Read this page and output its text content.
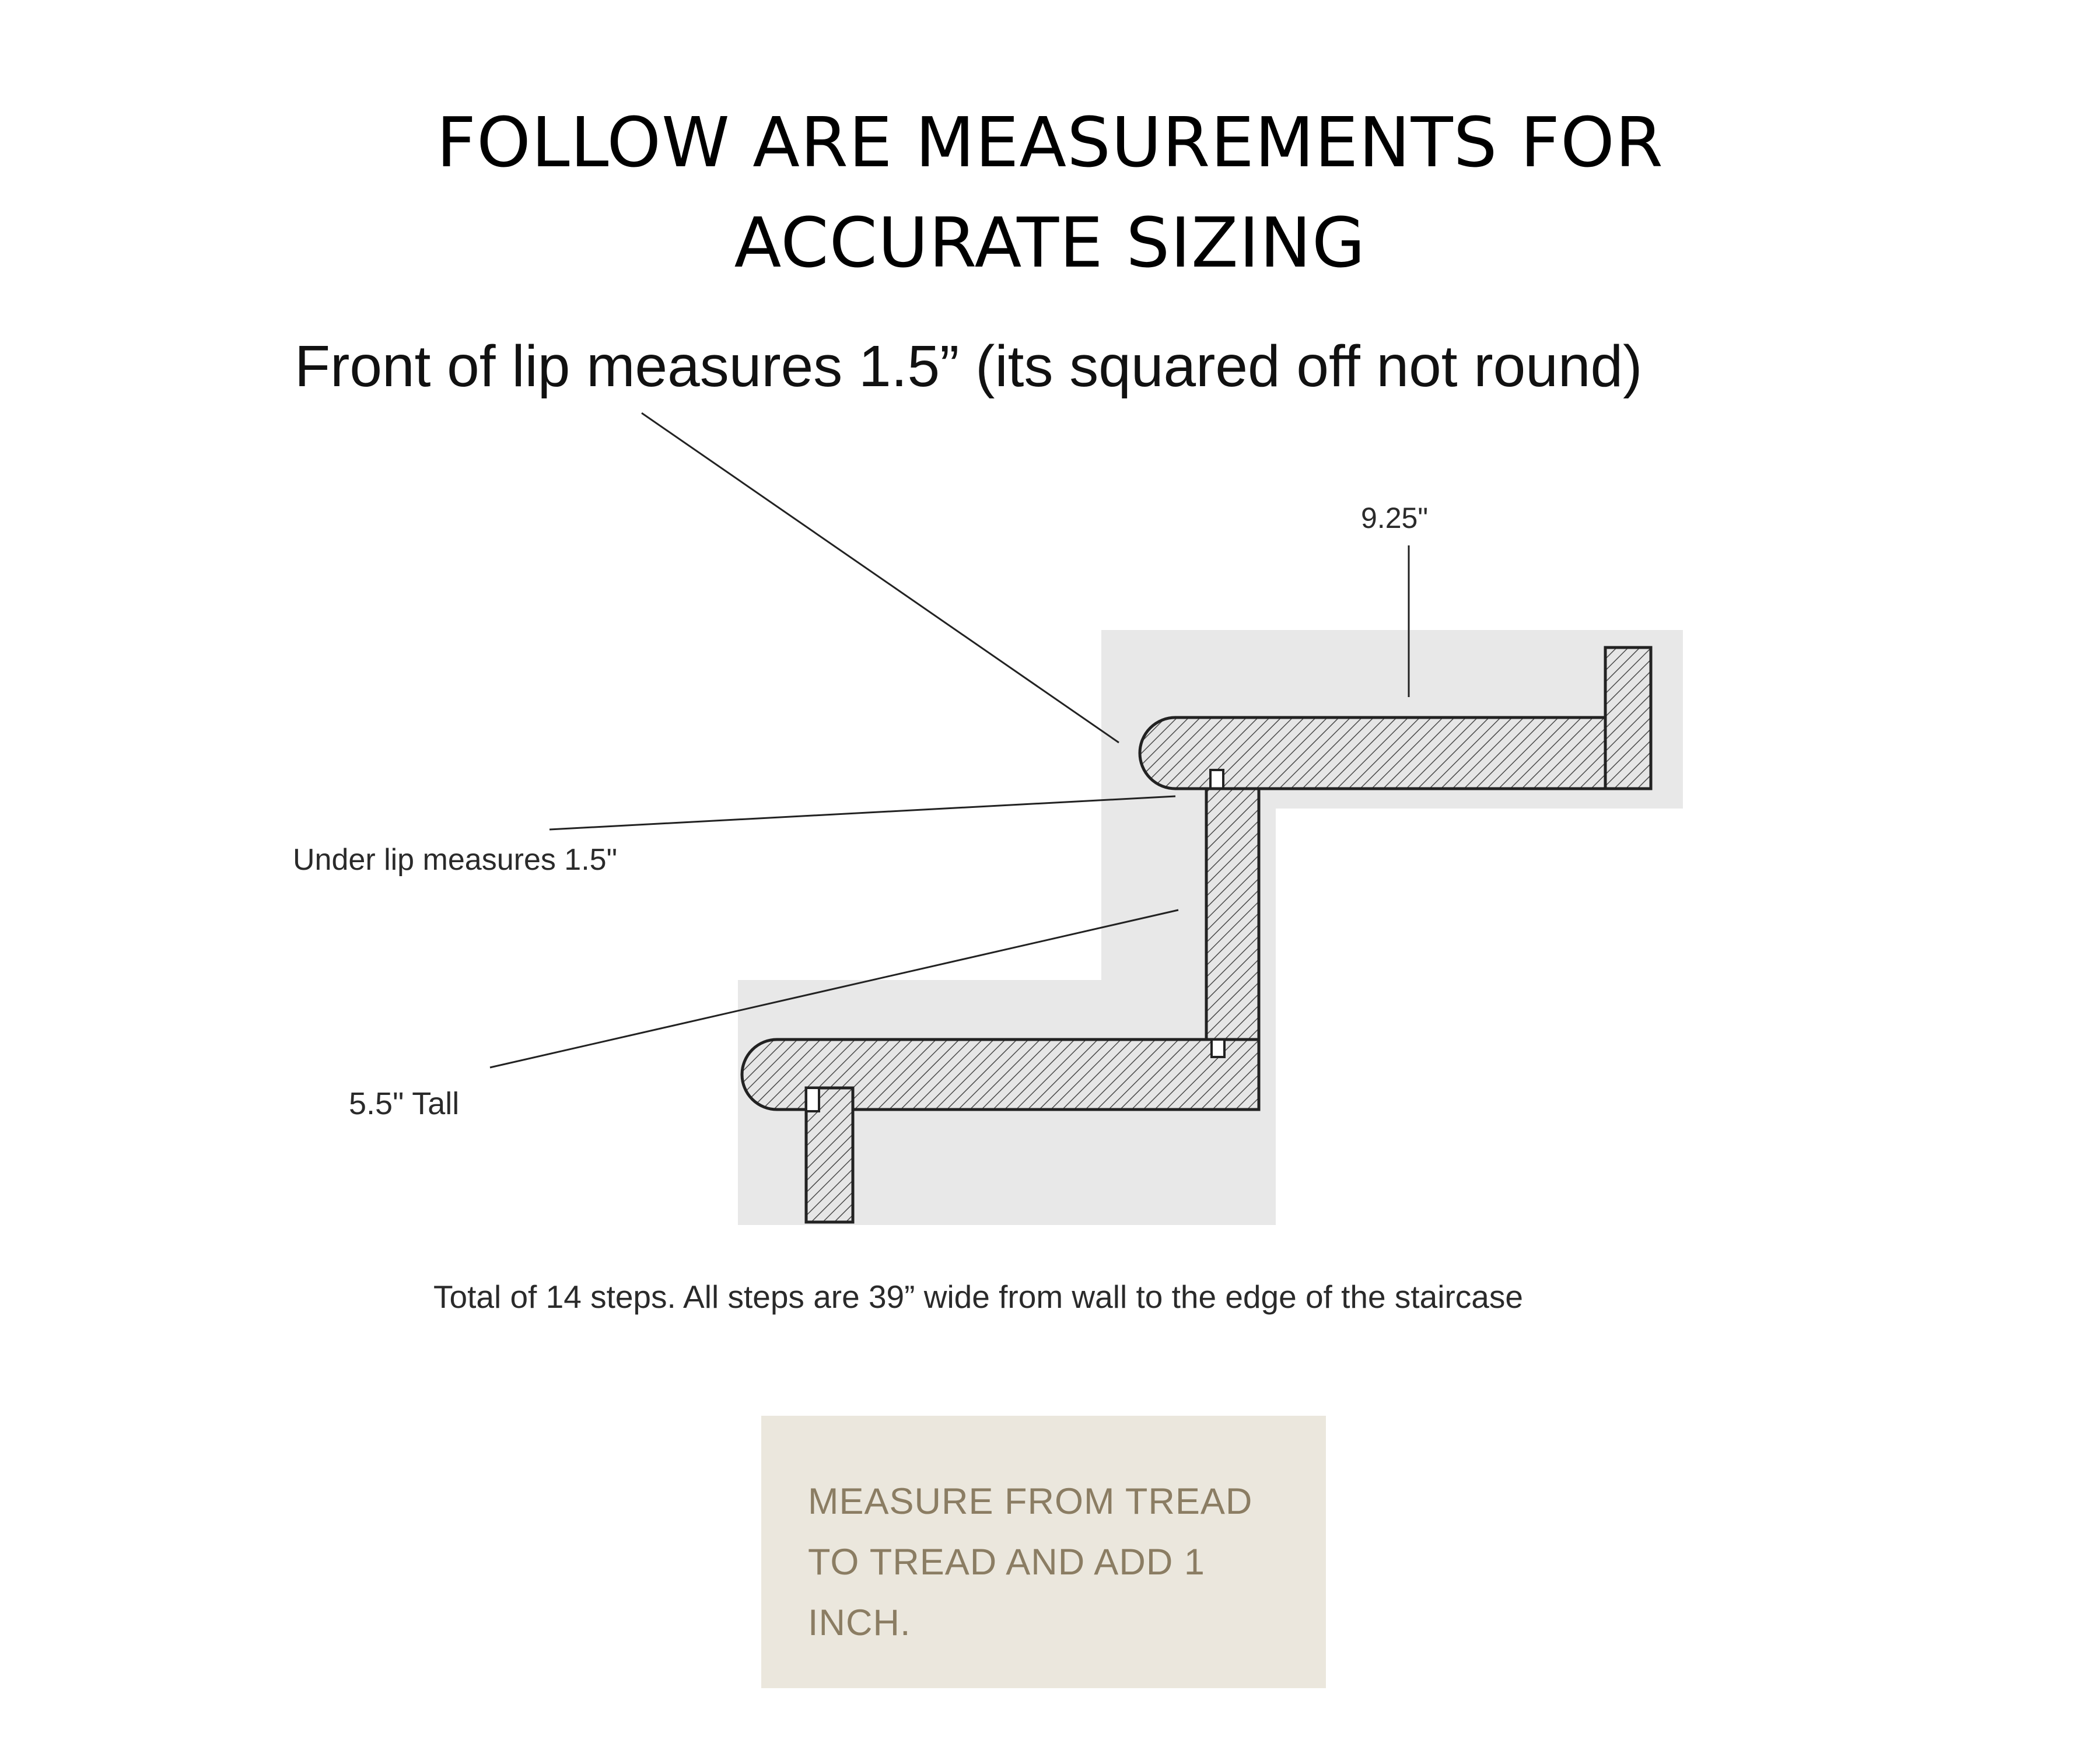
FOLLOW ARE MEASUREMENTS FOR
ACCURATE SIZING
Front of lip measures 1.5” (its squared off not round)
9.25"
Under lip measures 1.5"
5.5" Tall
Total of 14 steps. All steps are 39” wide from wall to the edge of the staircase
MEASURE FROM TREAD TO TREAD AND ADD 1 INCH.
